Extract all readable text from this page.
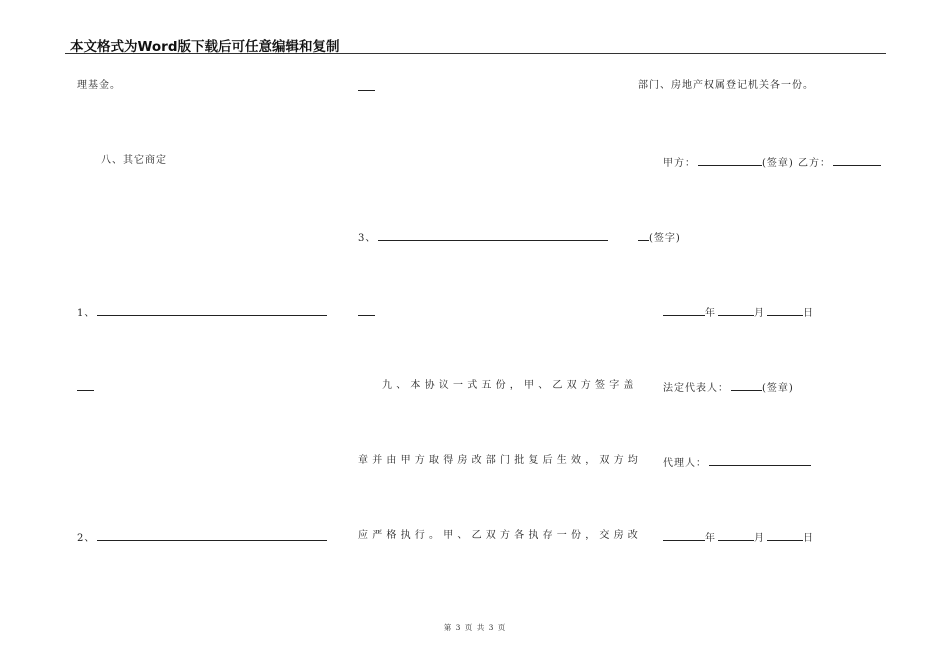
本文格式为Word版下载后可任意编辑和复制
理基金。
八、其它商定
1、
2、
3、
九、本协议一式五份，甲、乙双方签字盖
章并由甲方取得房改部门批复后生效，双方均
应严格执行。甲、乙双方各执存一份，交房改
部门、房地产权属登记机关各一份。
甲方：	(签章) 乙方：
(签字)
年	月	日
法定代表人：	(签章)
代理人：
年	月	日
第 3 页 共 3 页
